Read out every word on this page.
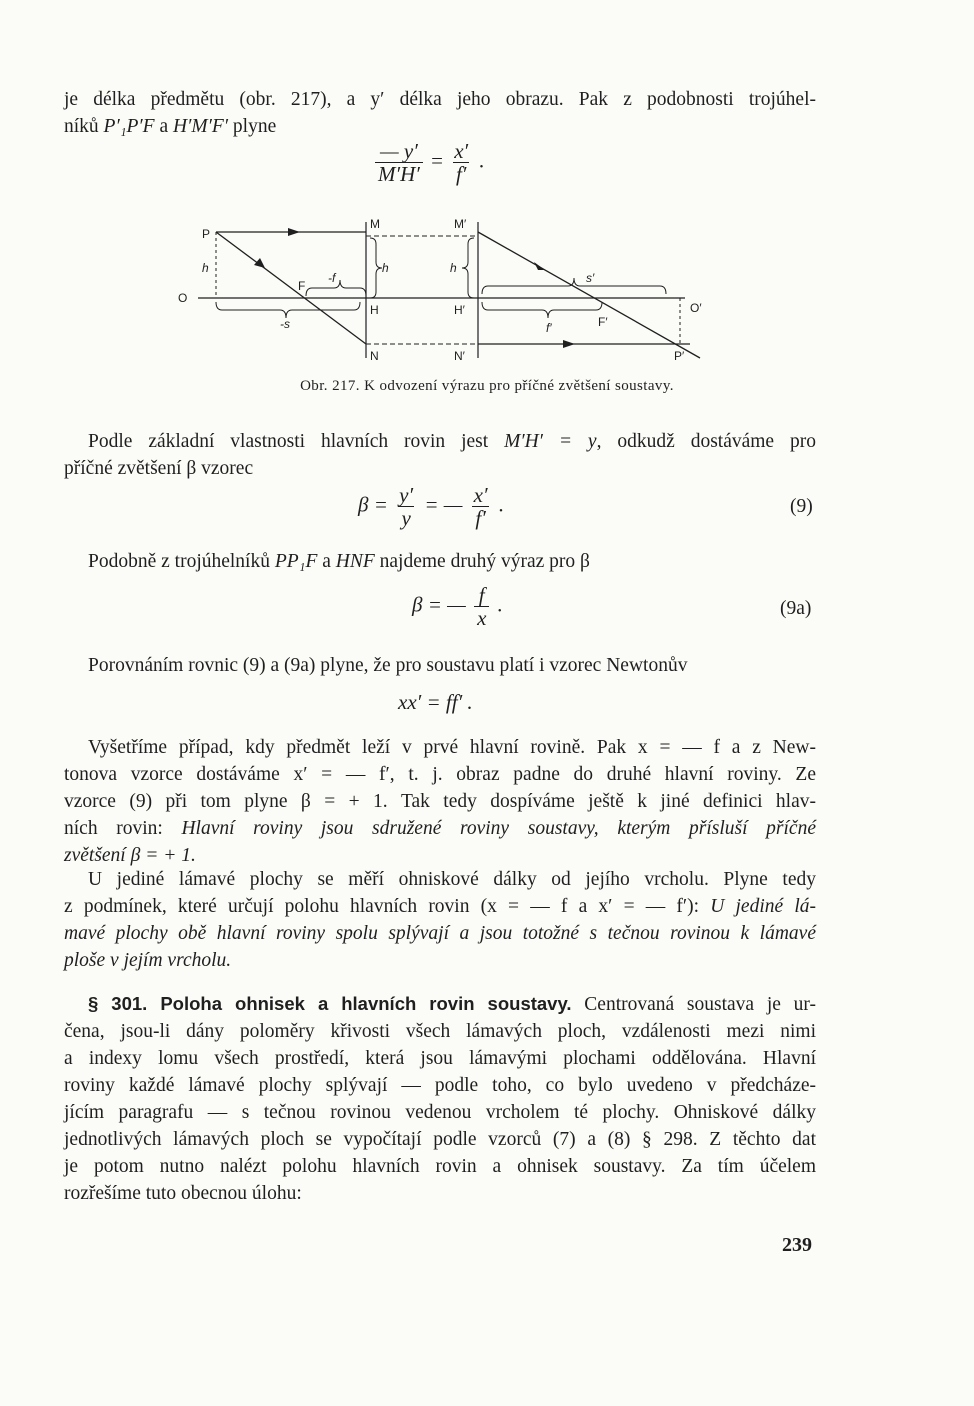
je délka předmětu (obr. 217), a y′ délka jeho obrazu. Pak z podobnosti trojúhel-
níků P′₁P′F a H′M′F′ plyne
$\frac{— y'}{M'H'} = \frac{x'}{f'}$ .
P
h
O
F
-f
-s
M
h
H
N
M′
h
H′
N′
s′
f′	F′
O′
P′
Obr. 217. K odvození výrazu pro příčné zvětšení soustavy.
Podle základní vlastnosti hlavních rovin jest M′H′ = y, odkudž dostáváme pro
příčné zvětšení β vzorec
$\beta = \frac{y'}{y}$ = — $\frac{x'}{f'}$ .	(9)
Podobně z trojúhelníků PP₁F a HNF najdeme druhý výraz pro β
β = — $\frac{f}{x}$ .	(9a)
Porovnáním rovnic (9) a (9a) plyne, že pro soustavu platí i vzorec Newtonův
xx′ = ff′ .
Vyšetříme případ, kdy předmět leží v prvé hlavní rovině. Pak x = — f a z New-
tonova vzorce dostáváme x′ = — f′, t. j. obraz padne do druhé hlavní roviny. Ze
vzorce (9) při tom plyne β = + 1. Tak tedy dospíváme ještě k jiné definici hlav-
ních rovin: Hlavní roviny jsou sdružené roviny soustavy, kterým přísluší příčné
zvětšení β = + 1.
U jediné lámavé plochy se měří ohniskové dálky od jejího vrcholu. Plyne tedy
z podmínek, které určují polohu hlavních rovin (x = — f a x′ = — f′): U jediné lá-
mavé plochy obě hlavní roviny spolu splývají a jsou totožné s tečnou rovinou k lámavé
ploše v jejím vrcholu.
§ 301. Poloha ohnisek a hlavních rovin soustavy. Centrovaná soustava je ur-
čena, jsou-li dány poloměry křivosti všech lámavých ploch, vzdálenosti mezi nimi
a indexy lomu všech prostředí, která jsou lámavými plochami oddělována. Hlavní
roviny každé lámavé plochy splývají — podle toho, co bylo uvedeno v předcháze-
jícím paragrafu — s tečnou rovinou vedenou vrcholem té plochy. Ohniskové dálky
jednotlivých lámavých ploch se vypočítají podle vzorců (7) a (8) § 298. Z těchto dat
je potom nutno nalézt polohu hlavních rovin a ohnisek soustavy. Za tím účelem
rozřešíme tuto obecnou úlohu:
239
